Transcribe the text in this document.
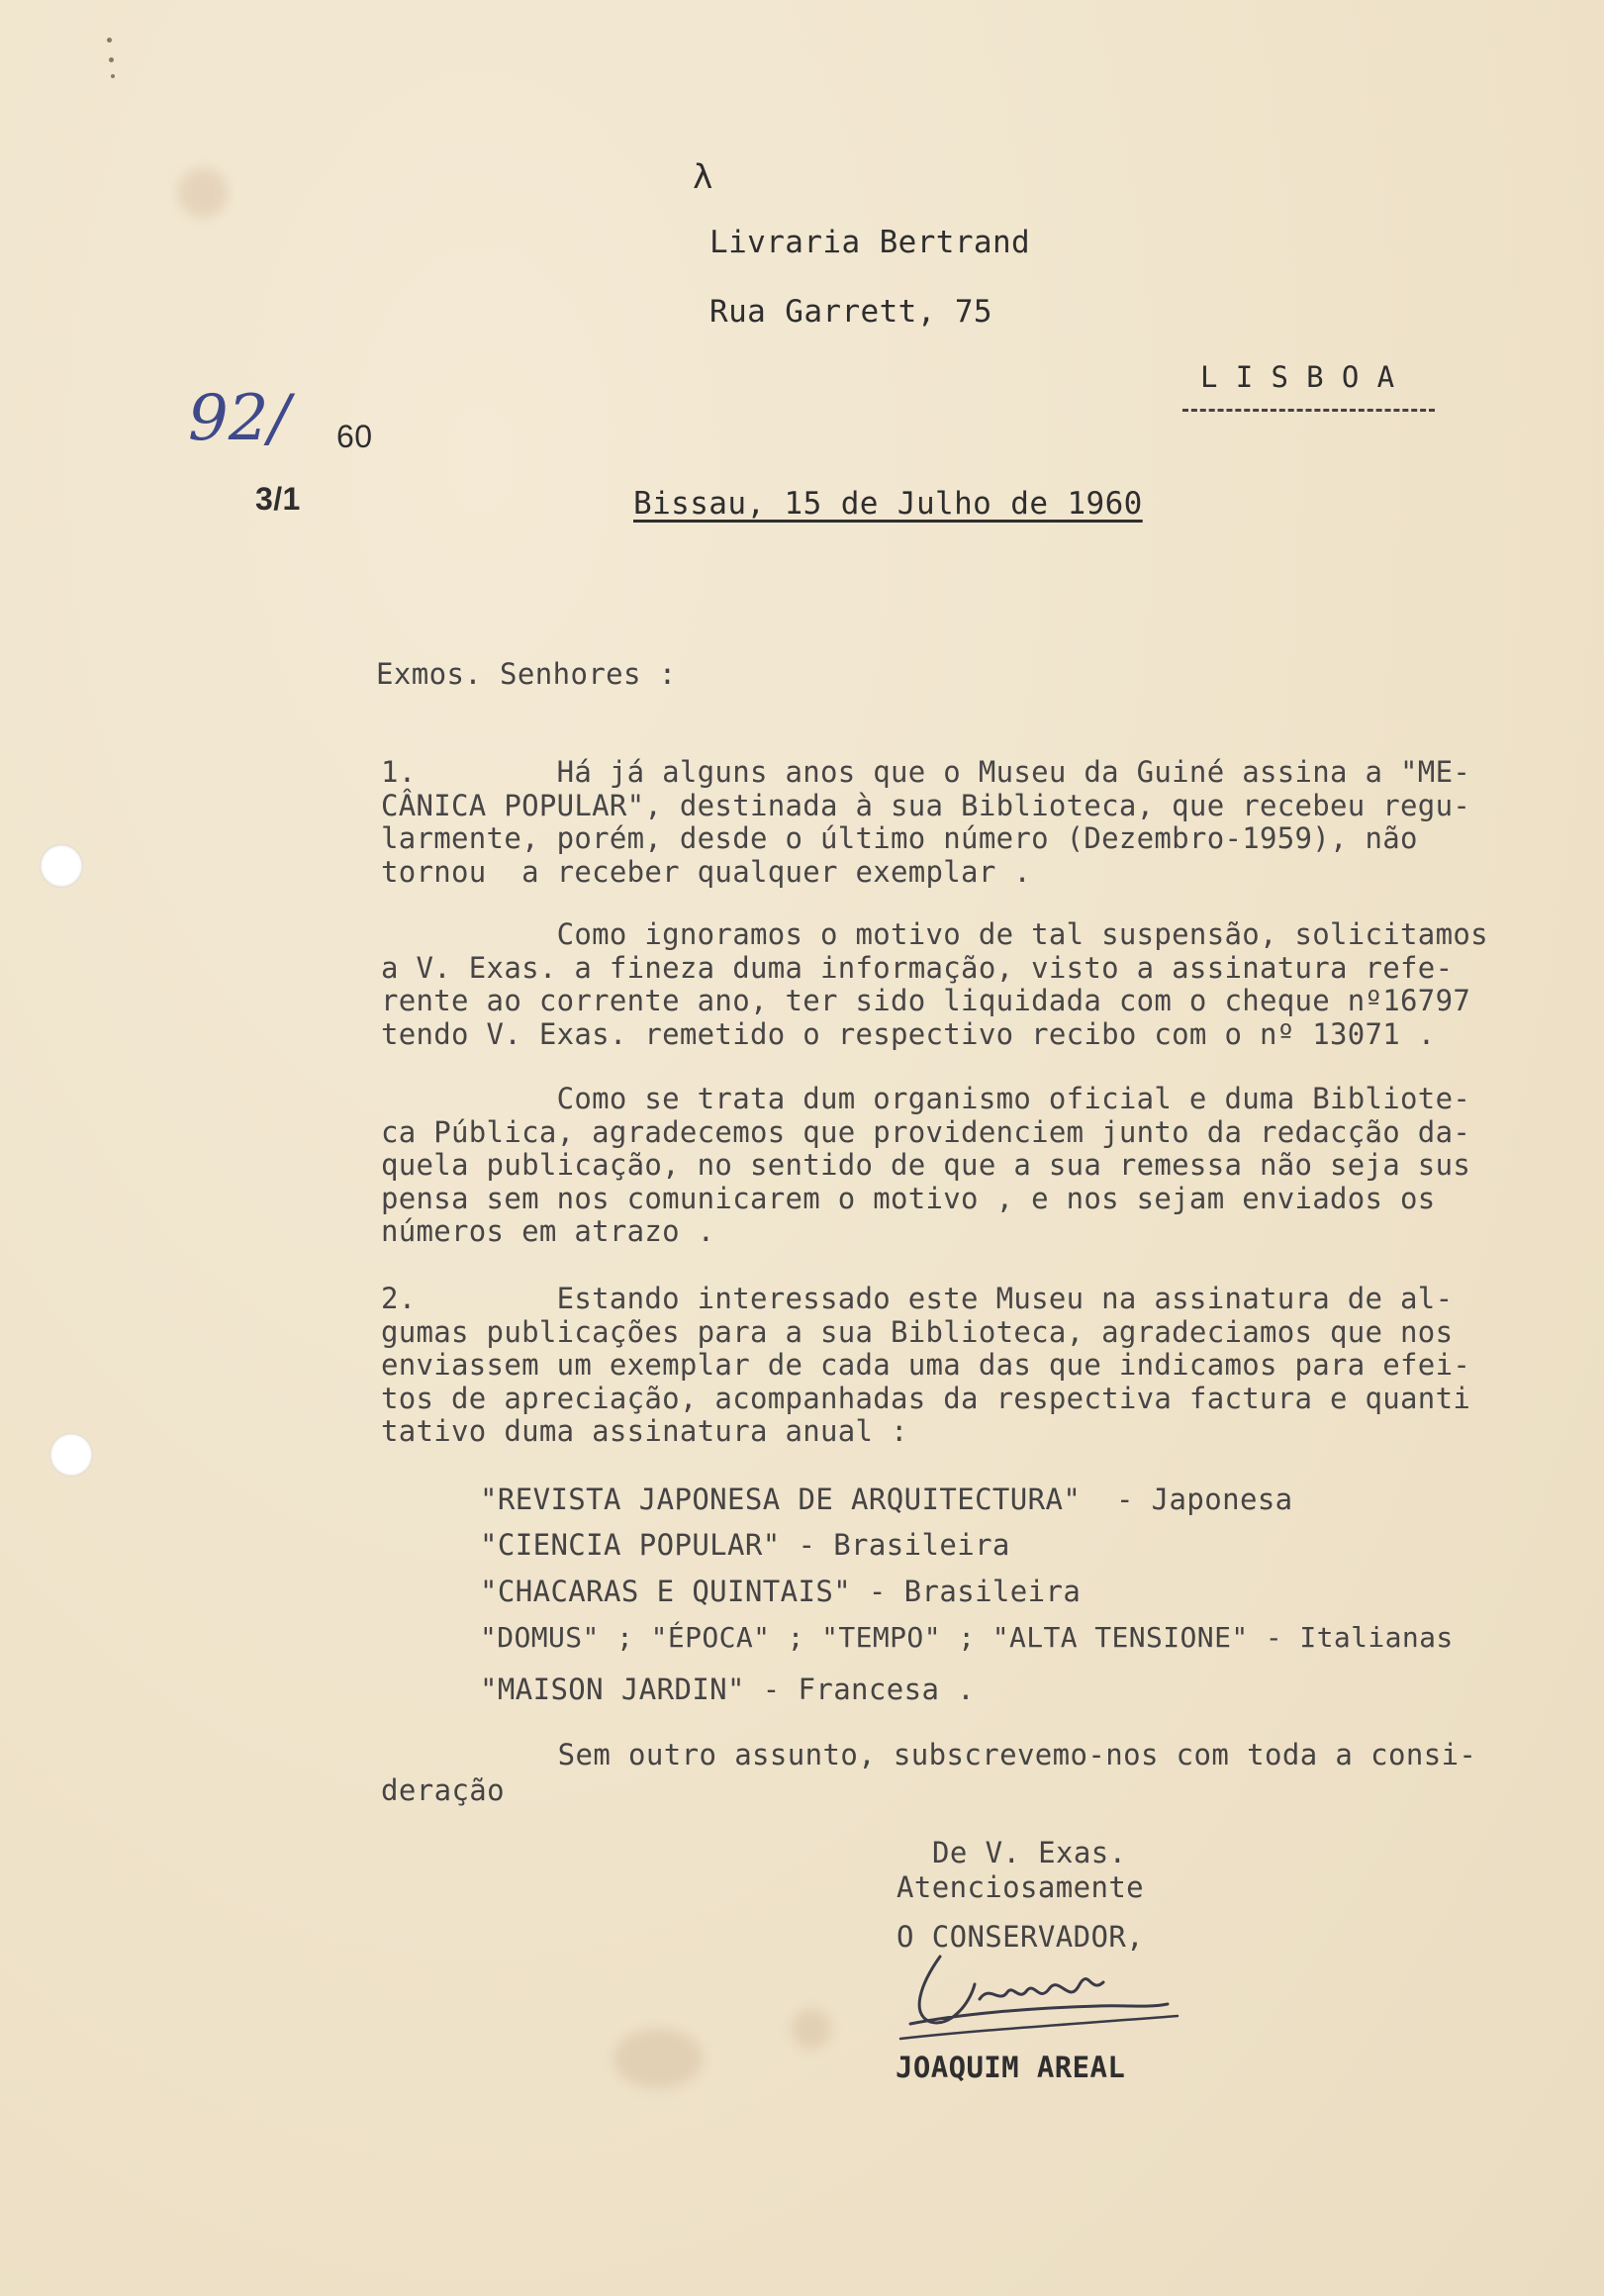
λ
Livraria Bertrand
Rua Garrett, 75
L I S B O A
92/ 60
3/1	Bissau, 15 de Julho de 1960
Exmos. Senhores :
1.        Há já alguns anos que o Museu da Guiné assina a "ME-
CÂNICA POPULAR", destinada à sua Biblioteca, que recebeu regu-
larmente, porém, desde o último número (Dezembro-1959), não
tornou  a receber qualquer exemplar .
Como ignoramos o motivo de tal suspensão, solicitamos
a V. Exas. a fineza duma informação, visto a assinatura refe-
rente ao corrente ano, ter sido liquidada com o cheque nº16797
tendo V. Exas. remetido o respectivo recibo com o nº 13071 .
Como se trata dum organismo oficial e duma Bibliote-
ca Pública, agradecemos que providenciem junto da redacção da-
quela publicação, no sentido de que a sua remessa não seja sus
pensa sem nos comunicarem o motivo , e nos sejam enviados os
números em atrazo .
2.        Estando interessado este Museu na assinatura de al-
gumas publicações para a sua Biblioteca, agradeciamos que nos
enviassem um exemplar de cada uma das que indicamos para efei-
tos de apreciação, acompanhadas da respectiva factura e quanti
tativo duma assinatura anual :
"REVISTA JAPONESA DE ARQUITECTURA"  - Japonesa
"CIENCIA POPULAR" - Brasileira
"CHACARAS E QUINTAIS" - Brasileira
"DOMUS" ; "ÉPOCA" ; "TEMPO" ; "ALTA TENSIONE" - Italianas
"MAISON JARDIN" - Francesa .
Sem outro assunto, subscrevemo-nos com toda a consi-
deração
De V. Exas.
Atenciosamente
O CONSERVADOR,
JOAQUIM AREAL
